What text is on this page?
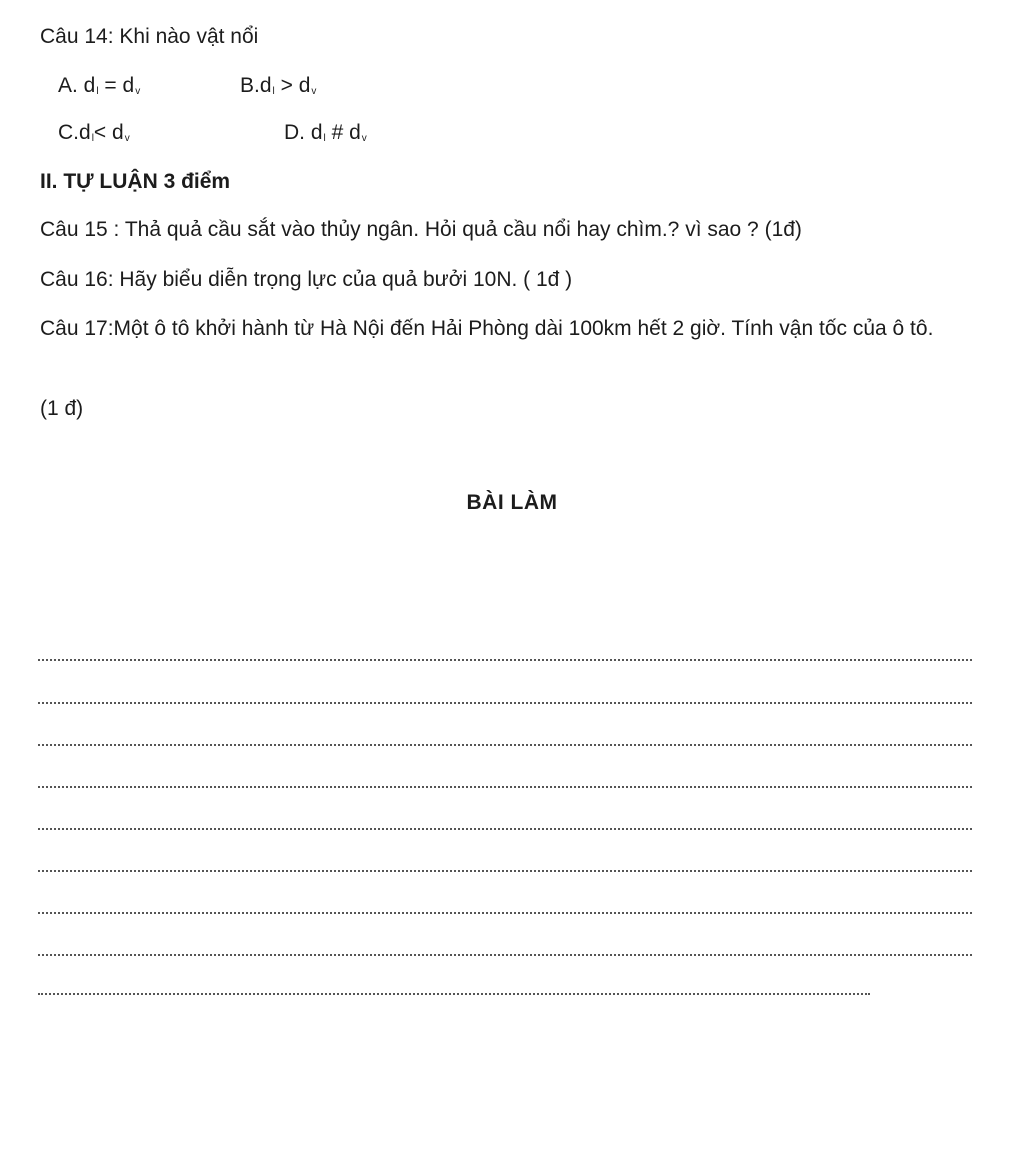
Câu 14: Khi nào vật nổi
A. $d_l = d_v$	$B.d_l > d_v$
$C.d_l< d_v$	D. $d_l$ # $d_v$
II. TỰ LUẬN 3 điểm
Câu 15 : Thả quả cầu sắt vào thủy ngân. Hỏi quả cầu nổi hay chìm.? vì sao ? (1đ)
Câu 16: Hãy biểu diễn trọng lực của quả bưởi 10N. ( 1đ )
Câu 17:Một ô tô khởi hành từ Hà Nội đến Hải Phòng dài 100km hết 2 giờ. Tính vận tốc của ô tô.
(1 đ)
BÀI LÀM
